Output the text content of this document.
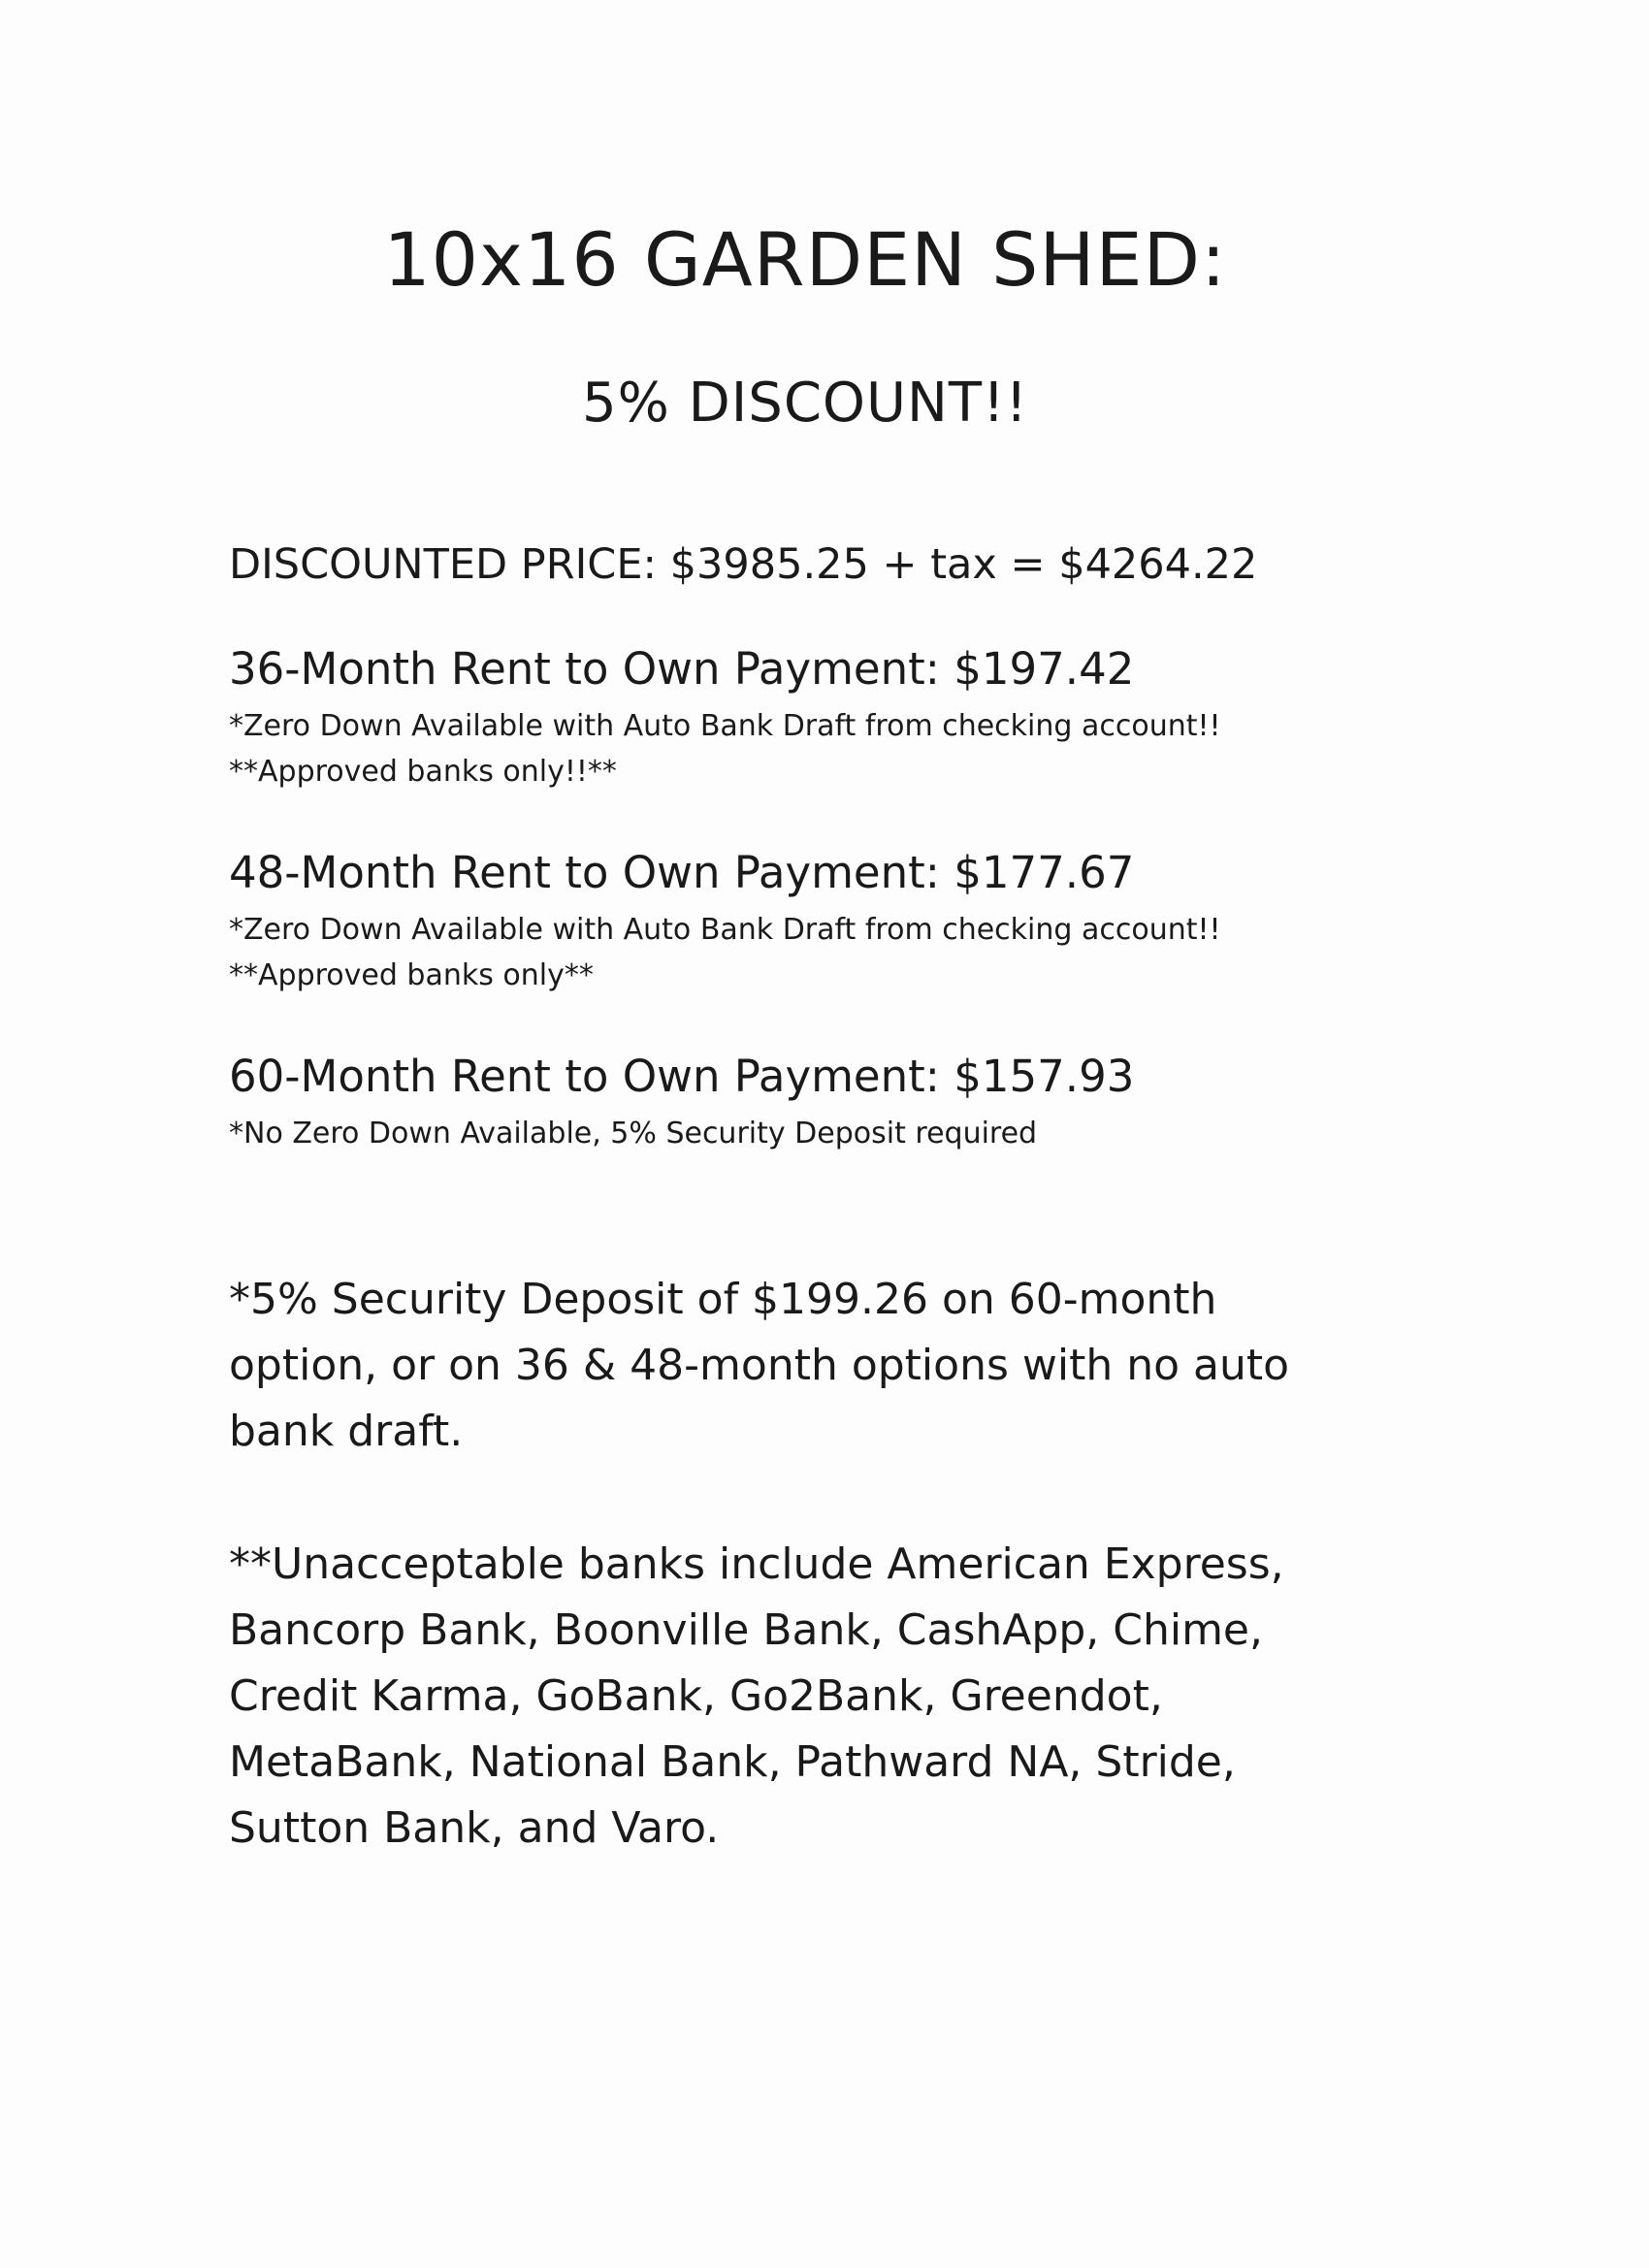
10x16 GARDEN SHED:
5% DISCOUNT!!
DISCOUNTED PRICE: $3985.25 + tax = $4264.22
36-Month Rent to Own Payment: $197.42
*Zero Down Available with Auto Bank Draft from checking account!!
**Approved banks only!!**
48-Month Rent to Own Payment: $177.67
*Zero Down Available with Auto Bank Draft from checking account!!
**Approved banks only**
60-Month Rent to Own Payment: $157.93
*No Zero Down Available, 5% Security Deposit required
*5% Security Deposit of $199.26 on 60-month option, or on 36 & 48-month options with no auto bank draft.
**Unacceptable banks include American Express, Bancorp Bank, Boonville Bank, CashApp, Chime, Credit Karma, GoBank, Go2Bank, Greendot, MetaBank, National Bank, Pathward NA, Stride, Sutton Bank, and Varo.
